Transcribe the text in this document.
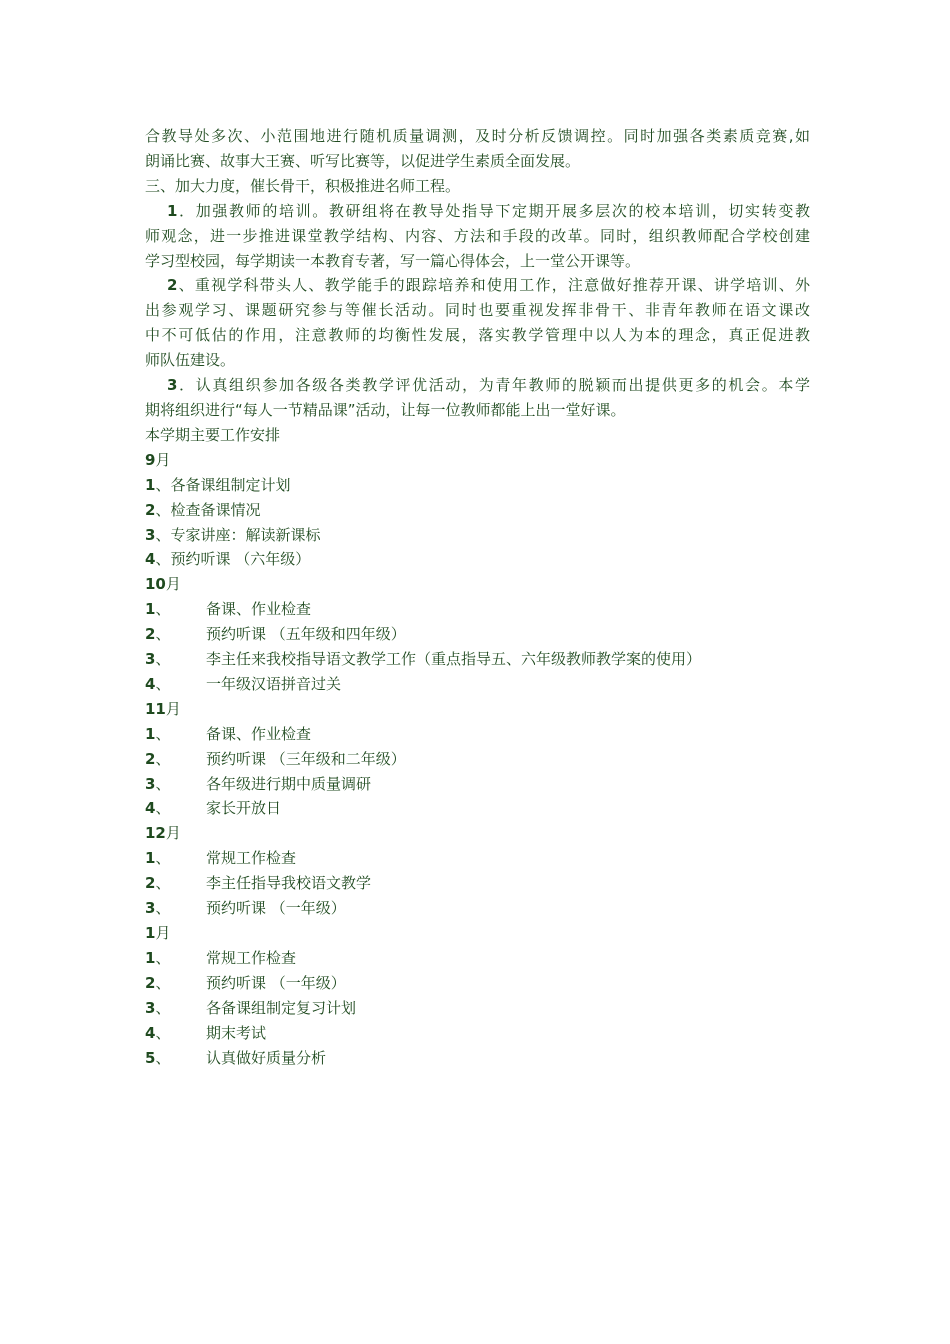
合教导处多次、小范围地进行随机质量调测，及时分析反馈调控。同时加强各类素质竞赛,如
朗诵比赛、故事大王赛、听写比赛等，以促进学生素质全面发展。
三、加大力度，催长骨干，积极推进名师工程。
1．加强教师的培训。教研组将在教导处指导下定期开展多层次的校本培训，切实转变教
师观念，进一步推进课堂教学结构、内容、方法和手段的改革。同时，组织教师配合学校创建
学习型校园，每学期读一本教育专著，写一篇心得体会，上一堂公开课等。
2、重视学科带头人、教学能手的跟踪培养和使用工作，注意做好推荐开课、讲学培训、外
出参观学习、课题研究参与等催长活动。同时也要重视发挥非骨干、非青年教师在语文课改
中不可低估的作用，注意教师的均衡性发展，落实教学管理中以人为本的理念，真正促进教
师队伍建设。
3．认真组织参加各级各类教学评优活动，为青年教师的脱颖而出提供更多的机会。本学
期将组织进行“每人一节精品课”活动，让每一位教师都能上出一堂好课。
本学期主要工作安排
9月
1、各备课组制定计划
2、检查备课情况
3、专家讲座：解读新课标
4、预约听课 （六年级）
10月
1、	备课、作业检查
2、	预约听课 （五年级和四年级）
3、	李主任来我校指导语文教学工作（重点指导五、六年级教师教学案的使用）
4、	一年级汉语拼音过关
11月
1、	备课、作业检查
2、	预约听课 （三年级和二年级）
3、	各年级进行期中质量调研
4、	家长开放日
12月
1、	常规工作检查
2、	李主任指导我校语文教学
3、	预约听课 （一年级）
1月
1、	常规工作检查
2、	预约听课 （一年级）
3、	各备课组制定复习计划
4、	期末考试
5、	认真做好质量分析
